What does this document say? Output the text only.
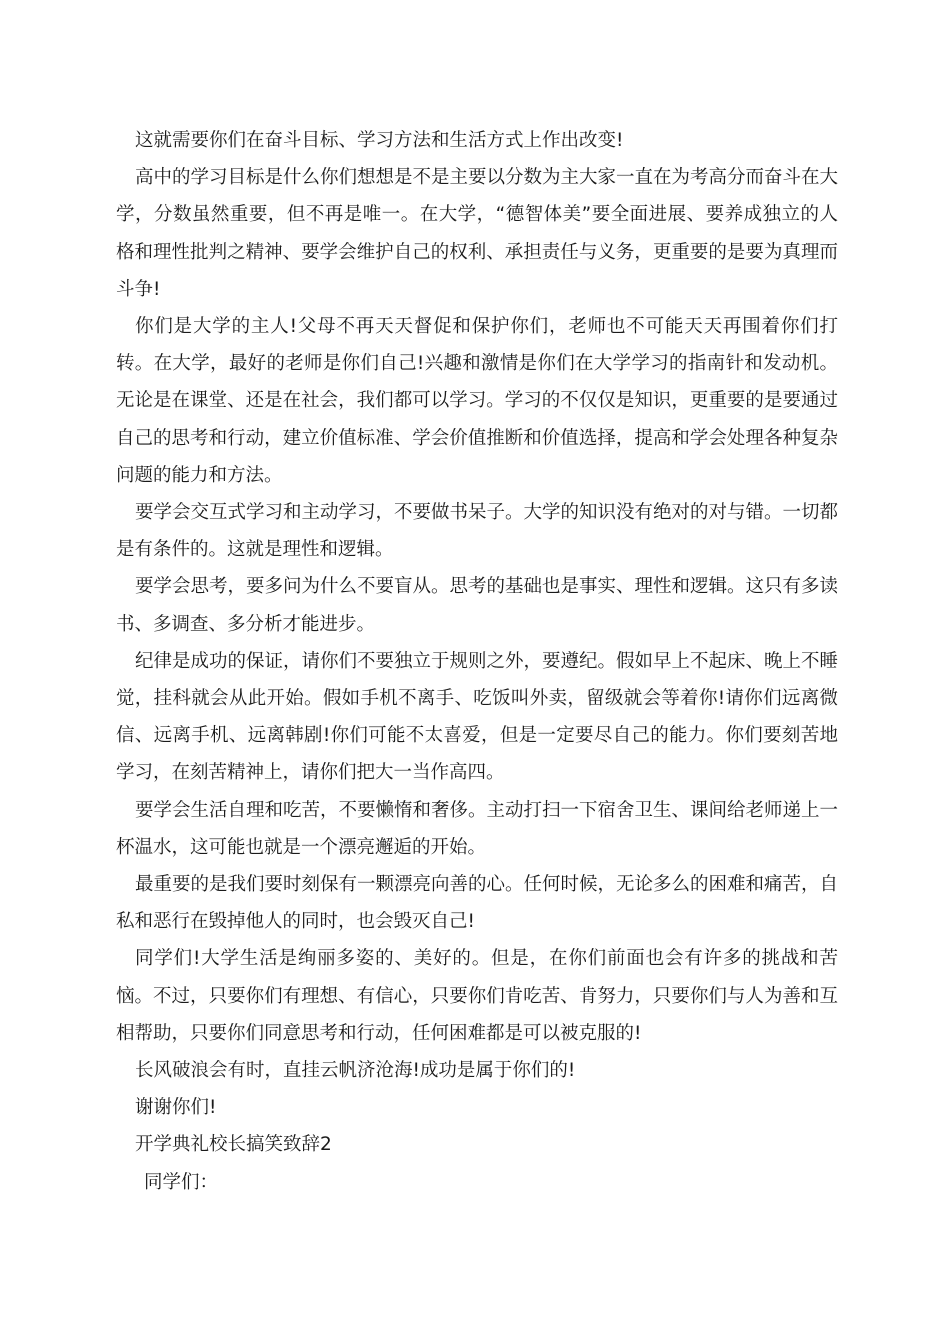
这就需要你们在奋斗目标、学习方法和生活方式上作出改变!

高中的学习目标是什么你们想想是不是主要以分数为主大家一直在为考高分而奋斗在大学，分数虽然重要，但不再是唯一。在大学，“德智体美”要全面进展、要养成独立的人格和理性批判之精神、要学会维护自己的权利、承担责任与义务，更重要的是要为真理而斗争!

你们是大学的主人!父母不再天天督促和保护你们，老师也不可能天天再围着你们打转。在大学，最好的老师是你们自己!兴趣和激情是你们在大学学习的指南针和发动机。无论是在课堂、还是在社会，我们都可以学习。学习的不仅仅是知识，更重要的是要通过自己的思考和行动，建立价值标准、学会价值推断和价值选择，提高和学会处理各种复杂问题的能力和方法。

要学会交互式学习和主动学习，不要做书呆子。大学的知识没有绝对的对与错。一切都是有条件的。这就是理性和逻辑。

要学会思考，要多问为什么不要盲从。思考的基础也是事实、理性和逻辑。这只有多读书、多调查、多分析才能进步。

纪律是成功的保证，请你们不要独立于规则之外，要遵纪。假如早上不起床、晚上不睡觉，挂科就会从此开始。假如手机不离手、吃饭叫外卖，留级就会等着你!请你们远离微信、远离手机、远离韩剧!你们可能不太喜爱，但是一定要尽自己的能力。你们要刻苦地学习，在刻苦精神上，请你们把大一当作高四。

要学会生活自理和吃苦，不要懒惰和奢侈。主动打扫一下宿舍卫生、课间给老师递上一杯温水，这可能也就是一个漂亮邂逅的开始。

最重要的是我们要时刻保有一颗漂亮向善的心。任何时候，无论多么的困难和痛苦，自私和恶行在毁掉他人的同时，也会毁灭自己!

同学们!大学生活是绚丽多姿的、美好的。但是，在你们前面也会有许多的挑战和苦恼。不过，只要你们有理想、有信心，只要你们肯吃苦、肯努力，只要你们与人为善和互相帮助，只要你们同意思考和行动，任何困难都是可以被克服的!

长风破浪会有时，直挂云帆济沧海!成功是属于你们的!

谢谢你们!

开学典礼校长搞笑致辞2

同学们：
